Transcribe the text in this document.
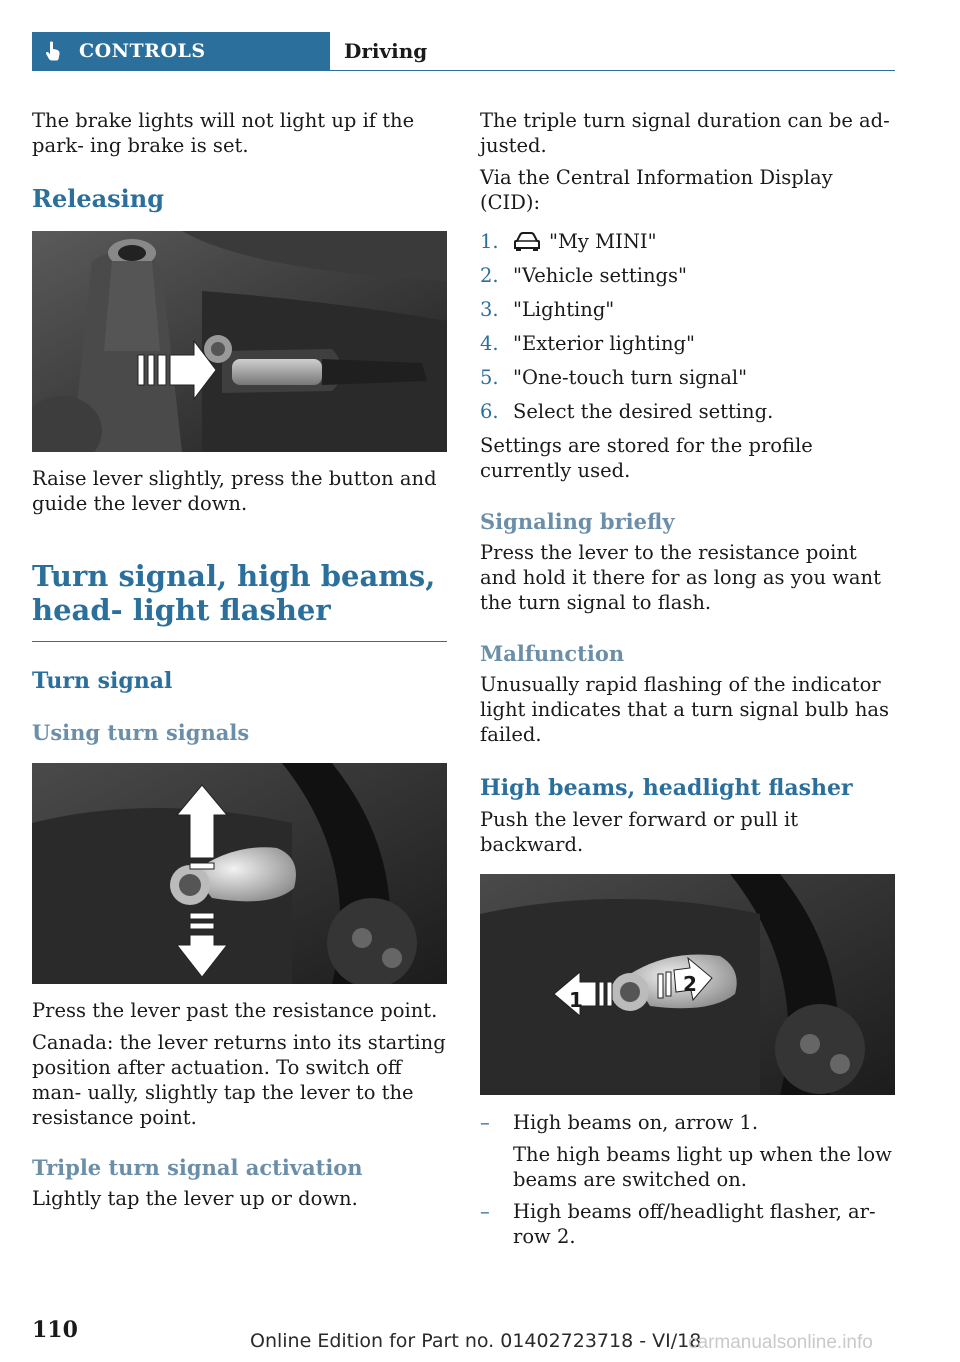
CONTROLS	Driving

The brake lights will not light up if the park‐ ing brake is set.

Releasing

Raise lever slightly, press the button and guide the lever down.

Turn signal, high beams, head‐ light flasher
Turn signal
Using turn signals

Press the lever past the resistance point.

Canada: the lever returns into its starting position after actuation. To switch off man‐ ually, slightly tap the lever to the resistance point.

Triple turn signal activation

Lightly tap the lever up or down.

The triple turn signal duration can be ad‐ justed.

Via the Central Information Display (CID):

1.	"My MINI"
2. "Vehicle settings"
3. "Lighting"
4. "Exterior lighting"
5. "One-touch turn signal"
6. Select the desired setting.

Settings are stored for the profile currently used.

Signaling briefly

Press the lever to the resistance point and hold it there for as long as you want the turn signal to flash.

Malfunction

Unusually rapid flashing of the indicator light indicates that a turn signal bulb has failed.

High beams, headlight flasher

Push the lever forward or pull it backward.

1
2
–	High beams on, arrow 1.
The high beams light up when the low beams are switched on.
–	High beams off/headlight flasher, ar‐ row 2.
110	Online Edition for Part no. 01402723718 - VI/18
carmanualsonline.info
